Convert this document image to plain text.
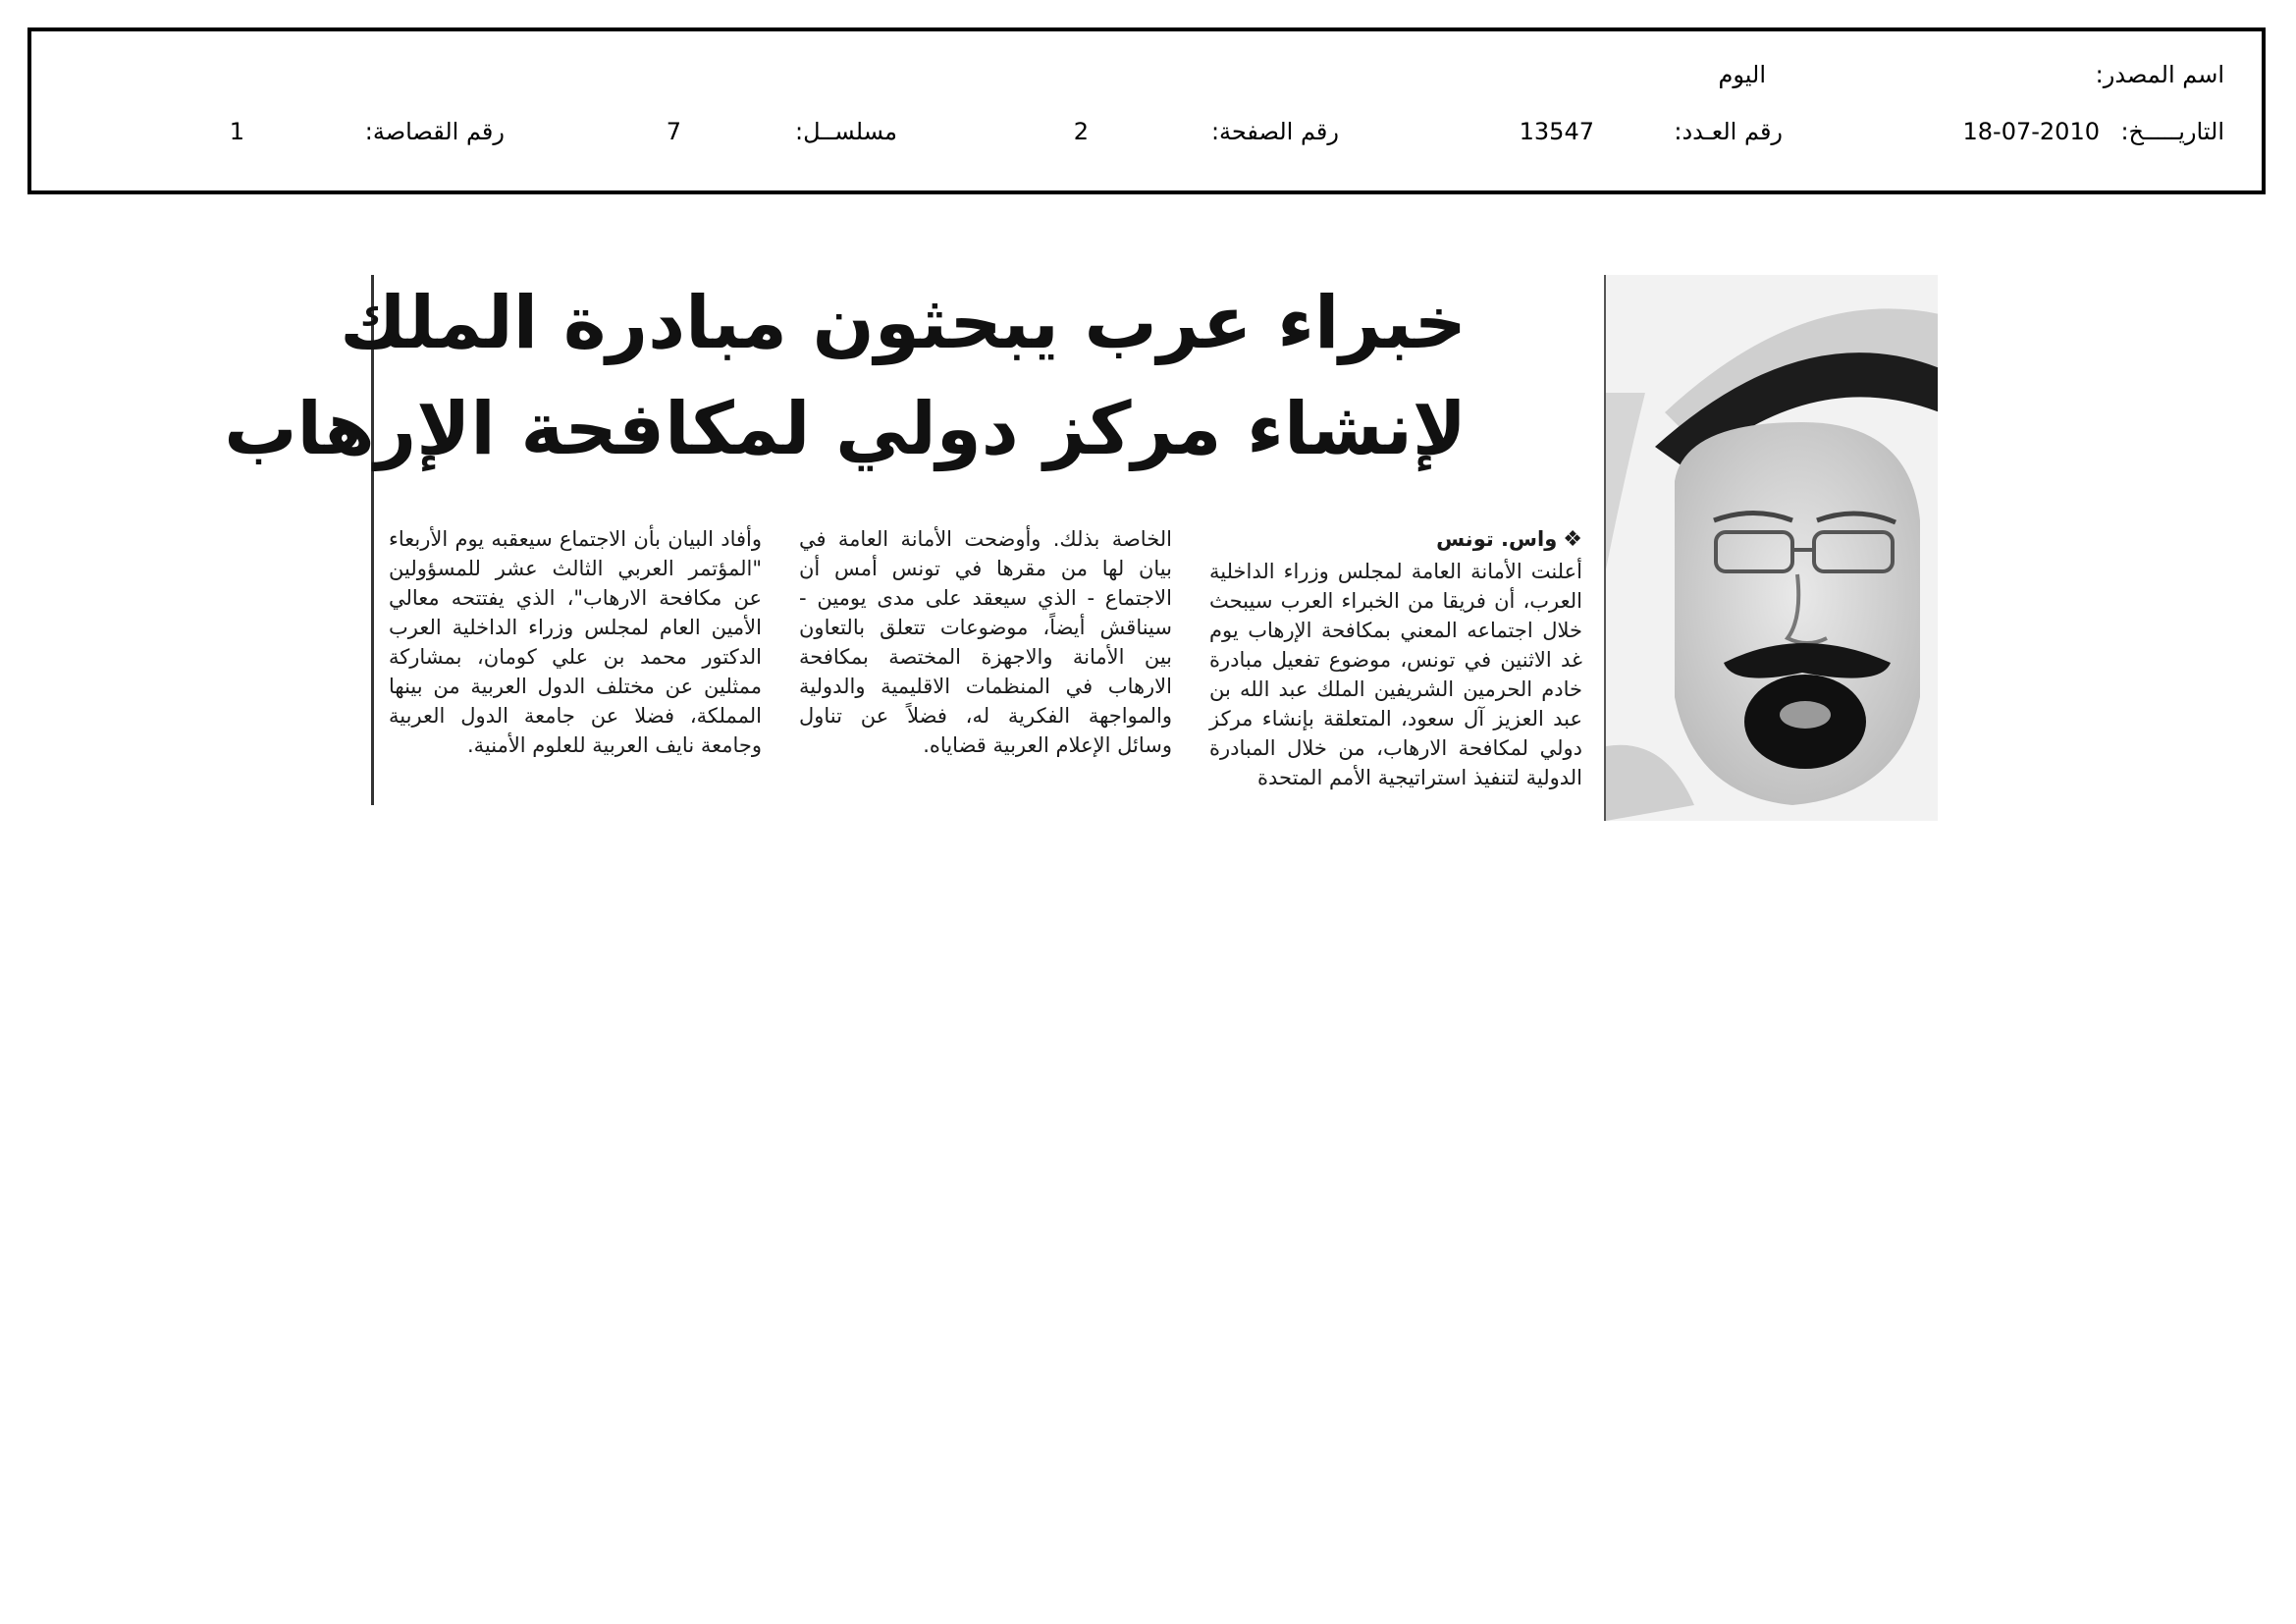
اسم المصدر:
اليوم
التاريـــــخ:
18-07-2010
رقم العـدد:
13547
رقم الصفحة:
2
مسلســل:
7
رقم القصاصة:
1
خبراء عرب يبحثون مبادرة الملك
لإنشاء مركز دولي لمكافحة الإرهاب
❖واس. تونس

أعلنت الأمانة العامة لمجلس وزراء الداخلية العرب، أن فريقا من الخبراء العرب سيبحث خلال اجتماعه المعني بمكافحة الإرهاب يوم غد الاثنين في تونس، موضوع تفعيل مبادرة خادم الحرمين الشريفين الملك عبد الله بن عبد العزيز آل سعود، المتعلقة بإنشاء مركز دولي لمكافحة الارهاب، من خلال المبادرة الدولية لتنفيذ استراتيجية الأمم المتحدة

الخاصة بذلك. وأوضحت الأمانة العامة في بيان لها من مقرها في تونس أمس أن الاجتماع - الذي سيعقد على مدى يومين - سيناقش أيضاً، موضوعات تتعلق بالتعاون بين الأمانة والاجهزة المختصة بمكافحة الارهاب في المنظمات الاقليمية والدولية والمواجهة الفكرية له، فضلاً عن تناول وسائل الإعلام العربية قضاياه.

وأفاد البيان بأن الاجتماع سيعقبه يوم الأربعاء "المؤتمر العربي الثالث عشر للمسؤولين عن مكافحة الارهاب"، الذي يفتتحه معالي الأمين العام لمجلس وزراء الداخلية العرب الدكتور محمد بن علي كومان، بمشاركة ممثلين عن مختلف الدول العربية من بينها المملكة، فضلا عن جامعة الدول العربية وجامعة نايف العربية للعلوم الأمنية.
